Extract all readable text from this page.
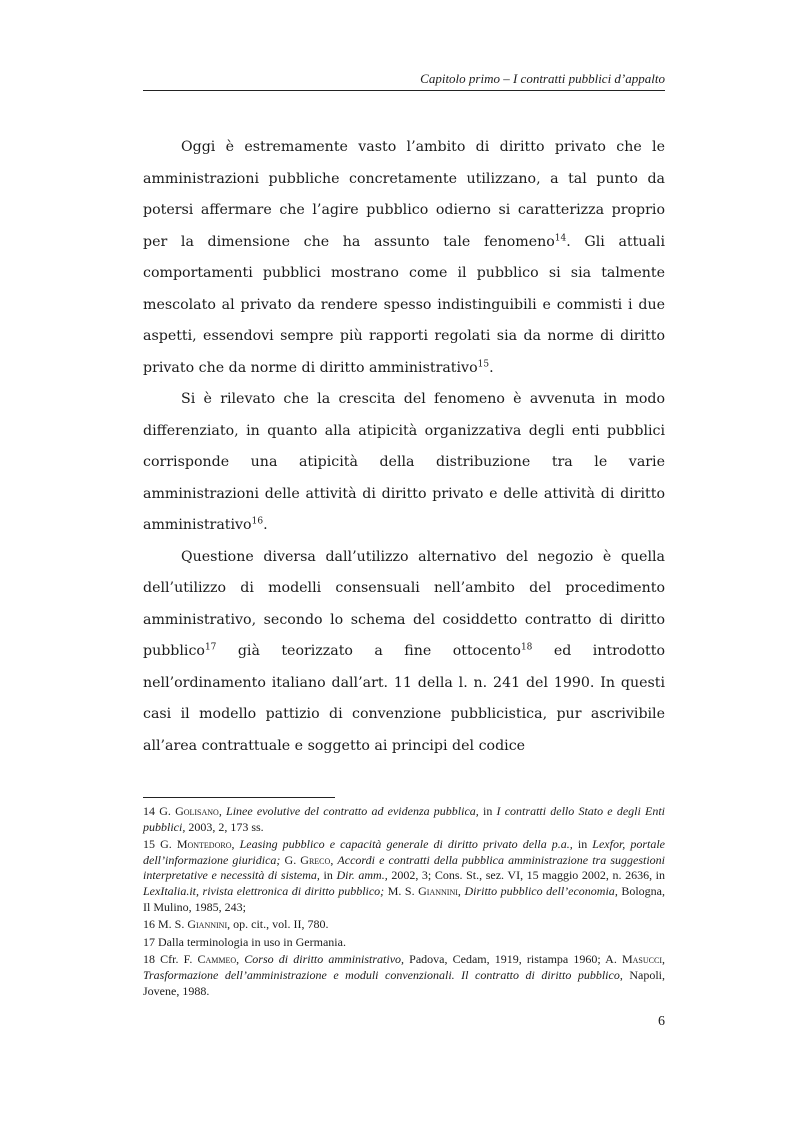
Capitolo primo – I contratti pubblici d’appalto

Oggi è estremamente vasto l’ambito di diritto privato che le amministrazioni pubbliche concretamente utilizzano, a tal punto da potersi affermare che l’agire pubblico odierno si caratterizza proprio per la dimensione che ha assunto tale fenomeno$^{14}$. Gli attuali comportamenti pubblici mostrano come il pubblico si sia talmente mescolato al privato da rendere spesso indistinguibili e commisti i due aspetti, essendovi sempre più rapporti regolati sia da norme di diritto privato che da norme di diritto amministrativo$^{15}$.

Si è rilevato che la crescita del fenomeno è avvenuta in modo differenziato, in quanto alla atipicità organizzativa degli enti pubblici corrisponde una atipicità della distribuzione tra le varie amministrazioni delle attività di diritto privato e delle attività di diritto amministrativo$^{16}$.

Questione diversa dall’utilizzo alternativo del negozio è quella dell’utilizzo di modelli consensuali nell’ambito del procedimento amministrativo, secondo lo schema del cosiddetto contratto di diritto pubblico$^{17}$ già teorizzato a fine ottocento$^{18}$ ed introdotto nell’ordinamento italiano dall’art. 11 della l. n. 241 del 1990. In questi casi il modello pattizio di convenzione pubblicistica, pur ascrivibile all’area contrattuale e soggetto ai principi del codice

14 G. Golisano, Linee evolutive del contratto ad evidenza pubblica, in I contratti dello Stato e degli Enti pubblici, 2003, 2, 173 ss.

15 G. Montedoro, Leasing pubblico e capacità generale di diritto privato della p.a., in Lexfor, portale dell’informazione giuridica; G. Greco, Accordi e contratti della pubblica amministrazione tra suggestioni interpretative e necessità di sistema, in Dir. amm., 2002, 3; Cons. St., sez. VI, 15 maggio 2002, n. 2636, in LexItalia.it, rivista elettronica di diritto pubblico; M. S. Giannini, Diritto pubblico dell’economia, Bologna, Il Mulino, 1985, 243;

16 M. S. Giannini, op. cit., vol. II, 780.

17 Dalla terminologia in uso in Germania.

18 Cfr. F. Cammeo, Corso di diritto amministrativo, Padova, Cedam, 1919, ristampa 1960; A. Masucci, Trasformazione dell’amministrazione e moduli convenzionali. Il contratto di diritto pubblico, Napoli, Jovene, 1988.

6
